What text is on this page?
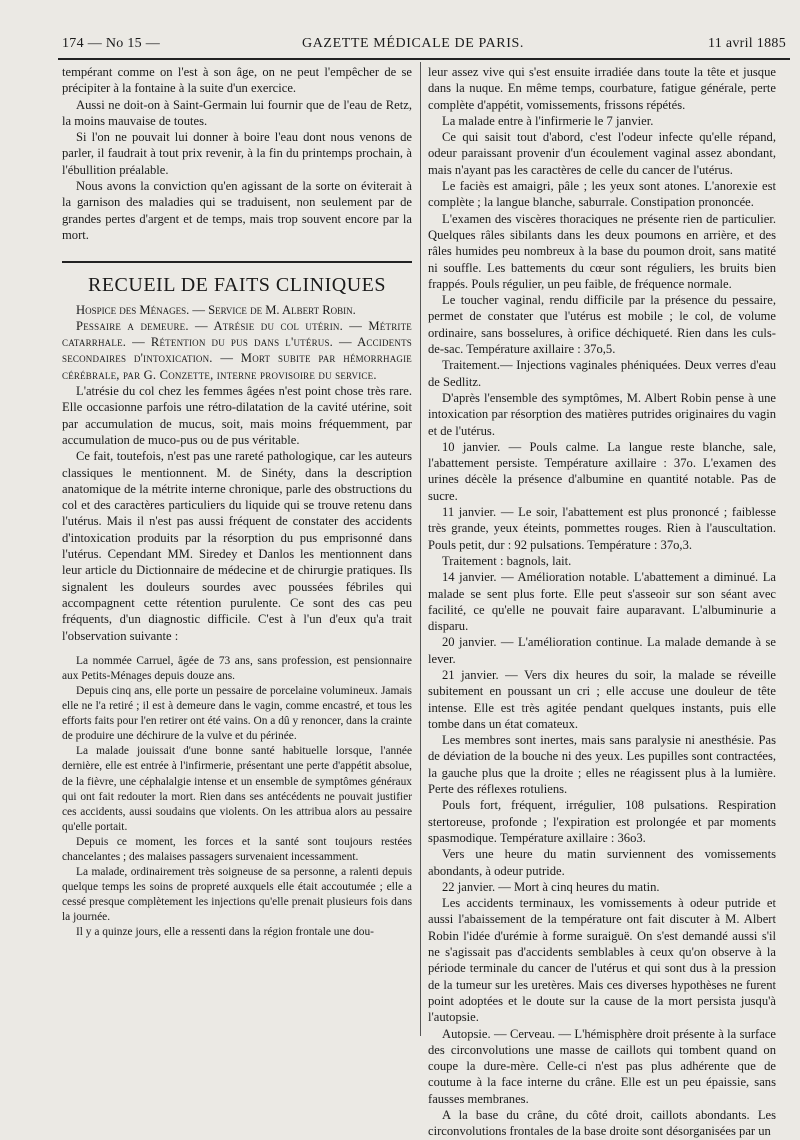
174 — No 15 —	GAZETTE MÉDICALE DE PARIS.	11 avril 1885

tempérant comme on l'est à son âge, on ne peut l'empêcher de se précipiter à la fontaine à la suite d'un exercice.

Aussi ne doit-on à Saint-Germain lui fournir que de l'eau de Retz, la moins mauvaise de toutes.

Si l'on ne pouvait lui donner à boire l'eau dont nous venons de parler, il faudrait à tout prix revenir, à la fin du printemps prochain, à l'ébullition préalable.

Nous avons la conviction qu'en agissant de la sorte on éviterait à la garnison des maladies qui se traduisent, non seulement par de grandes pertes d'argent et de temps, mais trop souvent encore par la mort.

RECUEIL DE FAITS CLINIQUES

Hospice des Ménages. — Service de M. Albert Robin.

Pessaire a demeure. — Atrésie du col utérin. — Métrite catarrhale. — Rétention du pus dans l'utérus. — Accidents secondaires d'intoxication. — Mort subite par hémorrhagie cérébrale, par G. Conzette, interne provisoire du service.

L'atrésie du col chez les femmes âgées n'est point chose très rare. Elle occasionne parfois une rétro-dilatation de la cavité utérine, soit par accumulation de mucus, soit, mais moins fréquemment, par accumulation de muco-pus ou de pus véritable.

Ce fait, toutefois, n'est pas une rareté pathologique, car les auteurs classiques le mentionnent. M. de Sinéty, dans la description anatomique de la métrite interne chronique, parle des obstructions du col et des caractères particuliers du liquide qui se trouve retenu dans l'utérus. Mais il n'est pas aussi fréquent de constater des accidents d'intoxication produits par la résorption du pus emprisonné dans l'utérus. Cependant MM. Siredey et Danlos les mentionnent dans leur article du Dictionnaire de médecine et de chirurgie pratiques. Ils signalent les douleurs sourdes avec poussées fébriles qui accompagnent cette rétention purulente. Ce sont des cas peu fréquents, d'un diagnostic difficile. C'est à l'un d'eux qu'a trait l'observation suivante :

La nommée Carruel, âgée de 73 ans, sans profession, est pensionnaire aux Petits-Ménages depuis douze ans.

Depuis cinq ans, elle porte un pessaire de porcelaine volumineux. Jamais elle ne l'a retiré ; il est à demeure dans le vagin, comme encastré, et tous les efforts faits pour l'en retirer ont été vains. On a dû y renoncer, dans la crainte de produire une déchirure de la vulve et du périnée.

La malade jouissait d'une bonne santé habituelle lorsque, l'année dernière, elle est entrée à l'infirmerie, présentant une perte d'appétit absolue, de la fièvre, une céphalalgie intense et un ensemble de symptômes généraux qui ont fait redouter la mort. Rien dans ses antécédents ne pouvait justifier ces accidents, aussi soudains que violents. On les attribua alors au pessaire qu'elle portait.

Depuis ce moment, les forces et la santé sont toujours restées chancelantes ; des malaises passagers survenaient incessamment.

La malade, ordinairement très soigneuse de sa personne, a ralenti depuis quelque temps les soins de propreté auxquels elle était accoutumée ; elle a cessé presque complètement les injections qu'elle prenait plusieurs fois dans la journée.

Il y a quinze jours, elle a ressenti dans la région frontale une dou-

leur assez vive qui s'est ensuite irradiée dans toute la tête et jusque dans la nuque. En même temps, courbature, fatigue générale, perte complète d'appétit, vomissements, frissons répétés.

La malade entre à l'infirmerie le 7 janvier.

Ce qui saisit tout d'abord, c'est l'odeur infecte qu'elle répand, odeur paraissant provenir d'un écoulement vaginal assez abondant, mais n'ayant pas les caractères de celle du cancer de l'utérus.

Le faciès est amaigri, pâle ; les yeux sont atones. L'anorexie est complète ; la langue blanche, saburrale. Constipation prononcée.

L'examen des viscères thoraciques ne présente rien de particulier. Quelques râles sibilants dans les deux poumons en arrière, et des râles humides peu nombreux à la base du poumon droit, sans matité ni souffle. Les battements du cœur sont réguliers, les bruits bien frappés. Pouls régulier, un peu faible, de fréquence normale.

Le toucher vaginal, rendu difficile par la présence du pessaire, permet de constater que l'utérus est mobile ; le col, de volume ordinaire, sans bosselures, à orifice déchiqueté. Rien dans les culs-de-sac. Température axillaire : 37o,5.

Traitement.— Injections vaginales phéniquées. Deux verres d'eau de Sedlitz.

D'après l'ensemble des symptômes, M. Albert Robin pense à une intoxication par résorption des matières putrides originaires du vagin et de l'utérus.

10 janvier. — Pouls calme. La langue reste blanche, sale, l'abattement persiste. Température axillaire : 37o. L'examen des urines décèle la présence d'albumine en quantité notable. Pas de sucre.

11 janvier. — Le soir, l'abattement est plus prononcé ; faiblesse très grande, yeux éteints, pommettes rouges. Rien à l'auscultation. Pouls petit, dur : 92 pulsations. Température : 37o,3.

Traitement : bagnols, lait.

14 janvier. — Amélioration notable. L'abattement a diminué. La malade se sent plus forte. Elle peut s'asseoir sur son séant avec facilité, ce qu'elle ne pouvait faire auparavant. L'albuminurie a disparu.

20 janvier. — L'amélioration continue. La malade demande à se lever.

21 janvier. — Vers dix heures du soir, la malade se réveille subitement en poussant un cri ; elle accuse une douleur de tête intense. Elle est très agitée pendant quelques instants, puis elle tombe dans un état comateux.

Les membres sont inertes, mais sans paralysie ni anesthésie. Pas de déviation de la bouche ni des yeux. Les pupilles sont contractées, la gauche plus que la droite ; elles ne réagissent plus à la lumière. Perte des réflexes rotuliens.

Pouls fort, fréquent, irrégulier, 108 pulsations. Respiration stertoreuse, profonde ; l'expiration est prolongée et par moments spasmodique. Température axillaire : 36o3.

Vers une heure du matin surviennent des vomissements abondants, à odeur putride.

22 janvier. — Mort à cinq heures du matin.

Les accidents terminaux, les vomissements à odeur putride et aussi l'abaissement de la température ont fait discuter à M. Albert Robin l'idée d'urémie à forme suraiguë. On s'est demandé aussi s'il ne s'agissait pas d'accidents semblables à ceux qu'on observe à la période terminale du cancer de l'utérus et qui sont dus à la pression de la tumeur sur les uretères. Mais ces diverses hypothèses ne furent point adoptées et le doute sur la cause de la mort persista jusqu'à l'autopsie.

Autopsie. — Cerveau. — L'hémisphère droit présente à la surface des circonvolutions une masse de caillots qui tombent quand on coupe la dure-mère. Celle-ci n'est pas plus adhérente que de coutume à la face interne du crâne. Elle est un peu épaissie, sans fausses membranes.

A la base du crâne, du côté droit, caillots abondants. Les circonvolutions frontales de la base droite sont désorganisées par un
